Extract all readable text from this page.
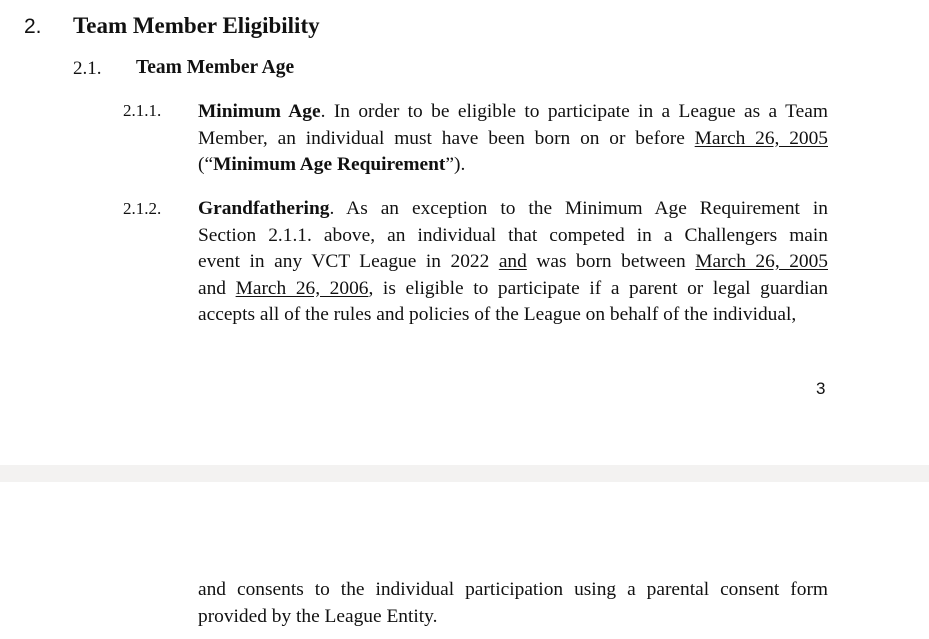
2. Team Member Eligibility
2.1. Team Member Age
2.1.1. Minimum Age. In order to be eligible to participate in a League as a Team
Member, an individual must have been born on or before March 26, 2005
(“Minimum Age Requirement”).
2.1.2. Grandfathering. As an exception to the Minimum Age Requirement in
Section 2.1.1. above, an individual that competed in a Challengers main
event in any VCT League in 2022 and was born between March 26, 2005
and March 26, 2006, is eligible to participate if a parent or legal guardian
accepts all of the rules and policies of the League on behalf of the individual,
3
and consents to the individual participation using a parental consent form
provided by the League Entity.
